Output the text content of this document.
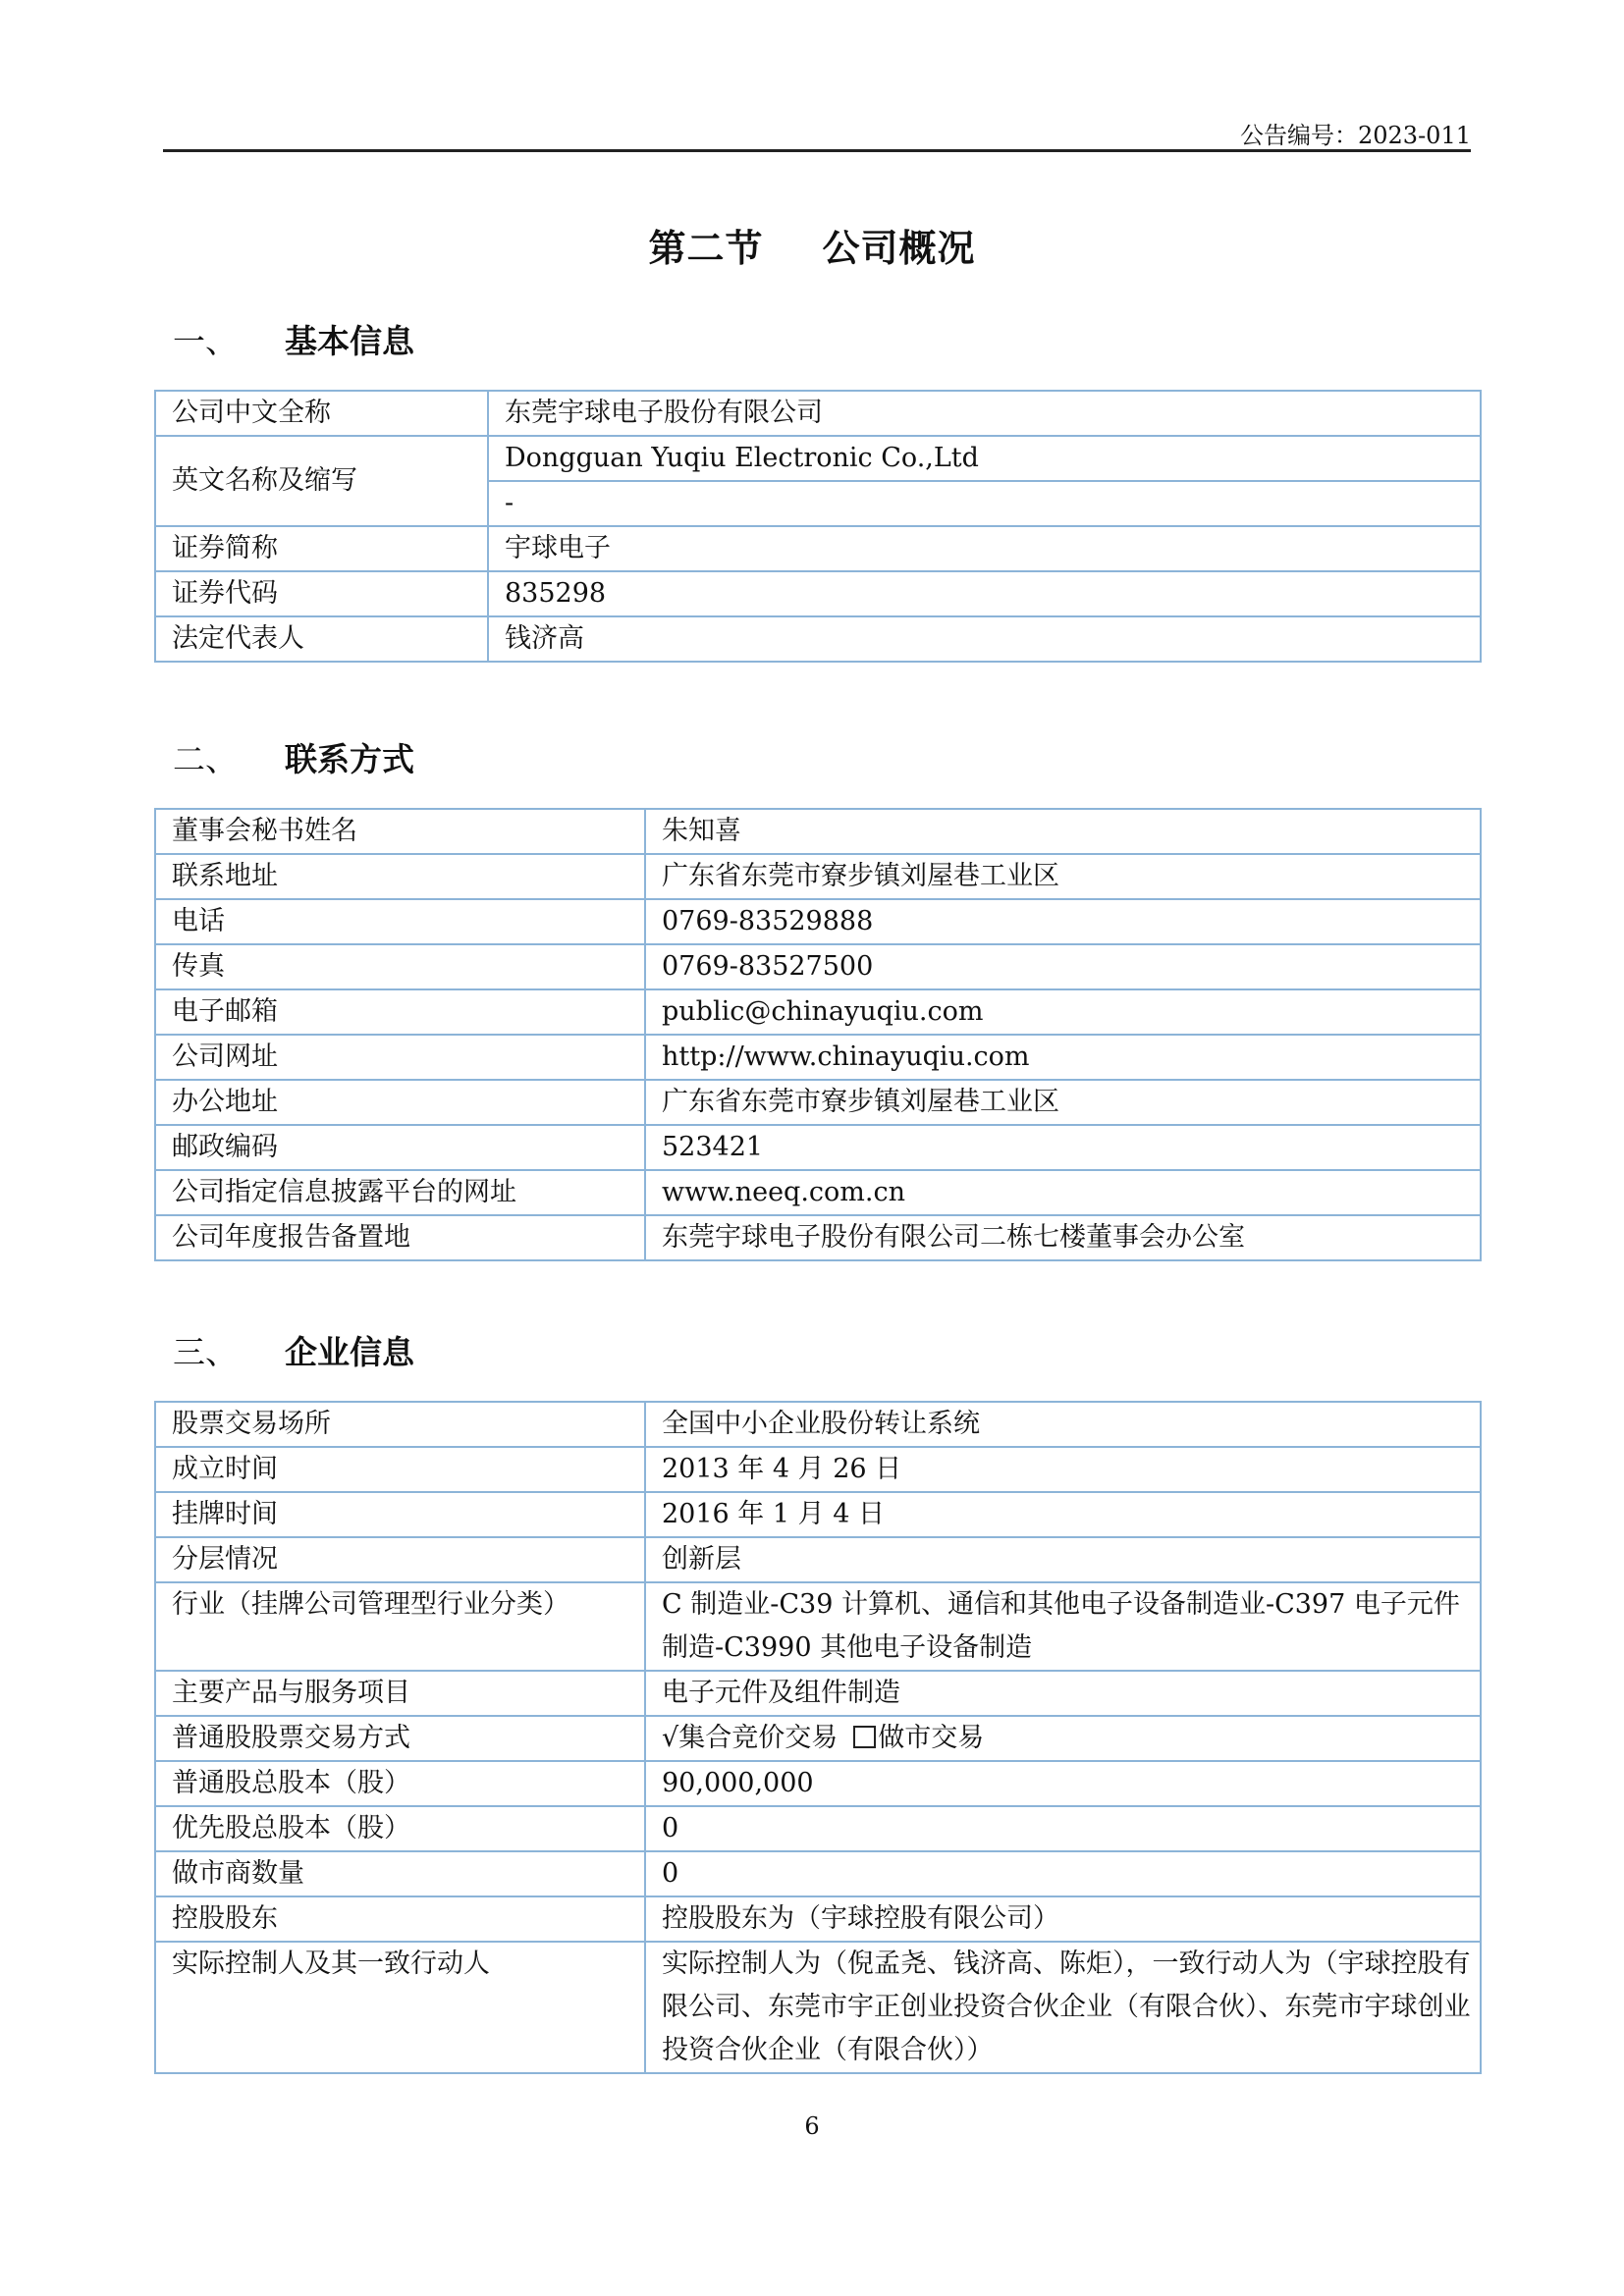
公告编号：2023-011
第二节 公司概况
一、 基本信息
公司中文全称	东莞宇球电子股份有限公司
英文名称及缩写	Dongguan Yuqiu Electronic Co.,Ltd
	-
证券简称	宇球电子
证券代码	835298
法定代表人	钱济高
二、 联系方式
董事会秘书姓名	朱知喜
联系地址	广东省东莞市寮步镇刘屋巷工业区
电话	0769-83529888
传真	0769-83527500
电子邮箱	public@chinayuqiu.com
公司网址	http://www.chinayuqiu.com
办公地址	广东省东莞市寮步镇刘屋巷工业区
邮政编码	523421
公司指定信息披露平台的网址	www.neeq.com.cn
公司年度报告备置地	东莞宇球电子股份有限公司二栋七楼董事会办公室
三、 企业信息
股票交易场所	全国中小企业股份转让系统
成立时间	2013 年 4 月 26 日
挂牌时间	2016 年 1 月 4 日
分层情况	创新层
行业（挂牌公司管理型行业分类）	C 制造业-C39 计算机、通信和其他电子设备制造业-C397 电子元件制造-C3990 其他电子设备制造
主要产品与服务项目	电子元件及组件制造
普通股股票交易方式	√集合竞价交易 做市交易
普通股总股本（股）	90,000,000
优先股总股本（股）	0
做市商数量	0
控股股东	控股股东为（宇球控股有限公司）
实际控制人及其一致行动人	实际控制人为（倪孟尧、钱济高、陈炬），一致行动人为（宇球控股有限公司、东莞市宇正创业投资合伙企业（有限合伙）、东莞市宇球创业投资合伙企业（有限合伙））
6
